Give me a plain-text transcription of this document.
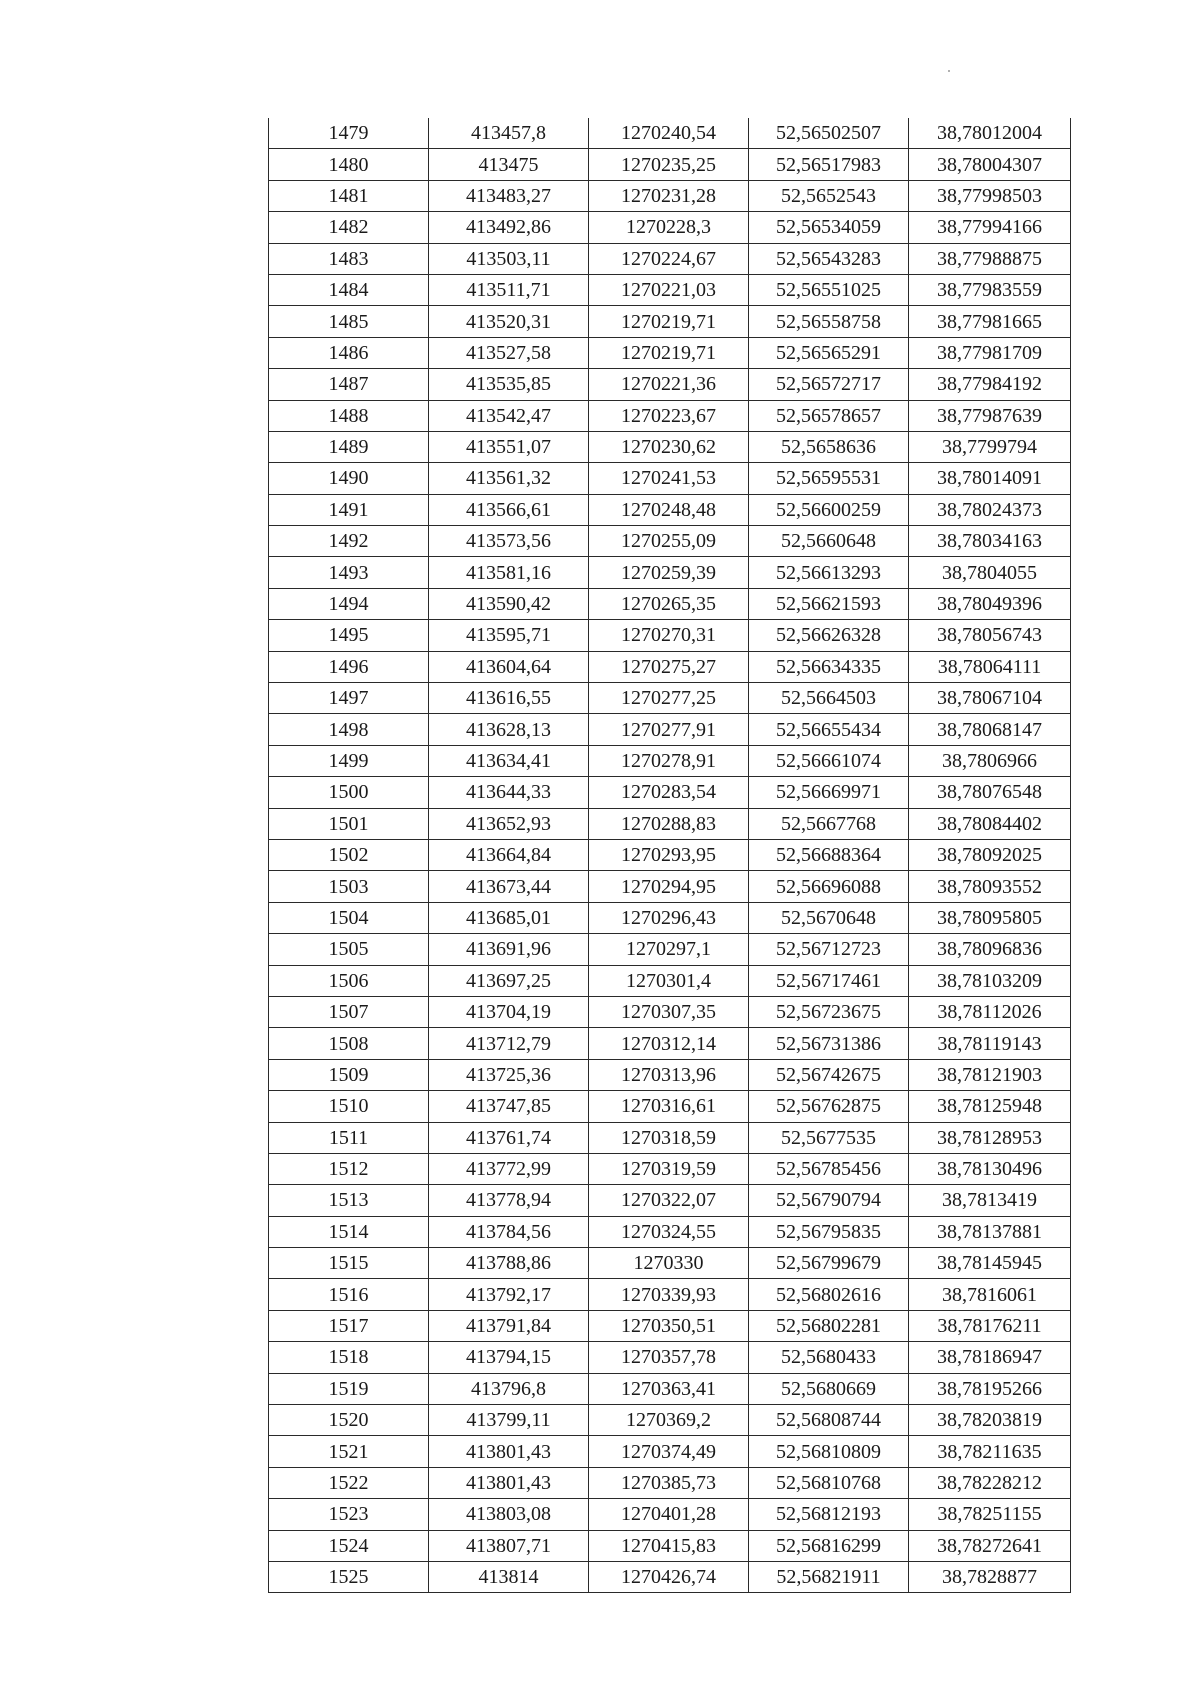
1479	413457,8	1270240,54	52,56502507	38,78012004
1480	413475	1270235,25	52,56517983	38,78004307
1481	413483,27	1270231,28	52,5652543	38,77998503
1482	413492,86	1270228,3	52,56534059	38,77994166
1483	413503,11	1270224,67	52,56543283	38,77988875
1484	413511,71	1270221,03	52,56551025	38,77983559
1485	413520,31	1270219,71	52,56558758	38,77981665
1486	413527,58	1270219,71	52,56565291	38,77981709
1487	413535,85	1270221,36	52,56572717	38,77984192
1488	413542,47	1270223,67	52,56578657	38,77987639
1489	413551,07	1270230,62	52,5658636	38,7799794
1490	413561,32	1270241,53	52,56595531	38,78014091
1491	413566,61	1270248,48	52,56600259	38,78024373
1492	413573,56	1270255,09	52,5660648	38,78034163
1493	413581,16	1270259,39	52,56613293	38,7804055
1494	413590,42	1270265,35	52,56621593	38,78049396
1495	413595,71	1270270,31	52,56626328	38,78056743
1496	413604,64	1270275,27	52,56634335	38,78064111
1497	413616,55	1270277,25	52,5664503	38,78067104
1498	413628,13	1270277,91	52,56655434	38,78068147
1499	413634,41	1270278,91	52,56661074	38,7806966
1500	413644,33	1270283,54	52,56669971	38,78076548
1501	413652,93	1270288,83	52,5667768	38,78084402
1502	413664,84	1270293,95	52,56688364	38,78092025
1503	413673,44	1270294,95	52,56696088	38,78093552
1504	413685,01	1270296,43	52,5670648	38,78095805
1505	413691,96	1270297,1	52,56712723	38,78096836
1506	413697,25	1270301,4	52,56717461	38,78103209
1507	413704,19	1270307,35	52,56723675	38,78112026
1508	413712,79	1270312,14	52,56731386	38,78119143
1509	413725,36	1270313,96	52,56742675	38,78121903
1510	413747,85	1270316,61	52,56762875	38,78125948
1511	413761,74	1270318,59	52,5677535	38,78128953
1512	413772,99	1270319,59	52,56785456	38,78130496
1513	413778,94	1270322,07	52,56790794	38,7813419
1514	413784,56	1270324,55	52,56795835	38,78137881
1515	413788,86	1270330	52,56799679	38,78145945
1516	413792,17	1270339,93	52,56802616	38,7816061
1517	413791,84	1270350,51	52,56802281	38,78176211
1518	413794,15	1270357,78	52,5680433	38,78186947
1519	413796,8	1270363,41	52,5680669	38,78195266
1520	413799,11	1270369,2	52,56808744	38,78203819
1521	413801,43	1270374,49	52,56810809	38,78211635
1522	413801,43	1270385,73	52,56810768	38,78228212
1523	413803,08	1270401,28	52,56812193	38,78251155
1524	413807,71	1270415,83	52,56816299	38,78272641
1525	413814	1270426,74	52,56821911	38,7828877
